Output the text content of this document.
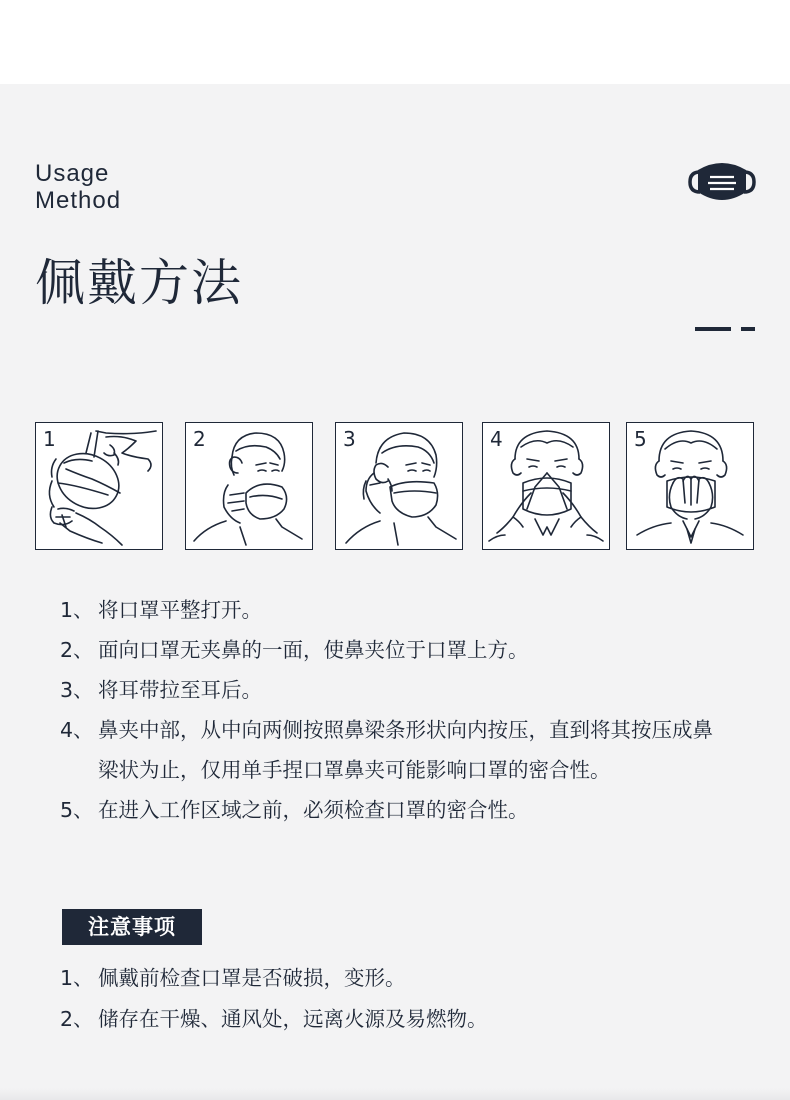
Usage
Method
佩戴方法
1	2	3	4	5
1、 将口罩平整打开。
2、 面向口罩无夹鼻的一面，使鼻夹位于口罩上方。
3、 将耳带拉至耳后。
4、 鼻夹中部，从中向两侧按照鼻梁条形状向内按压，直到将其按压成鼻梁状为止，仅用单手捏口罩鼻夹可能影响口罩的密合性。
5、 在进入工作区域之前，必须检查口罩的密合性。
注意事项
1、 佩戴前检查口罩是否破损，变形。
2、 储存在干燥、通风处，远离火源及易燃物。
